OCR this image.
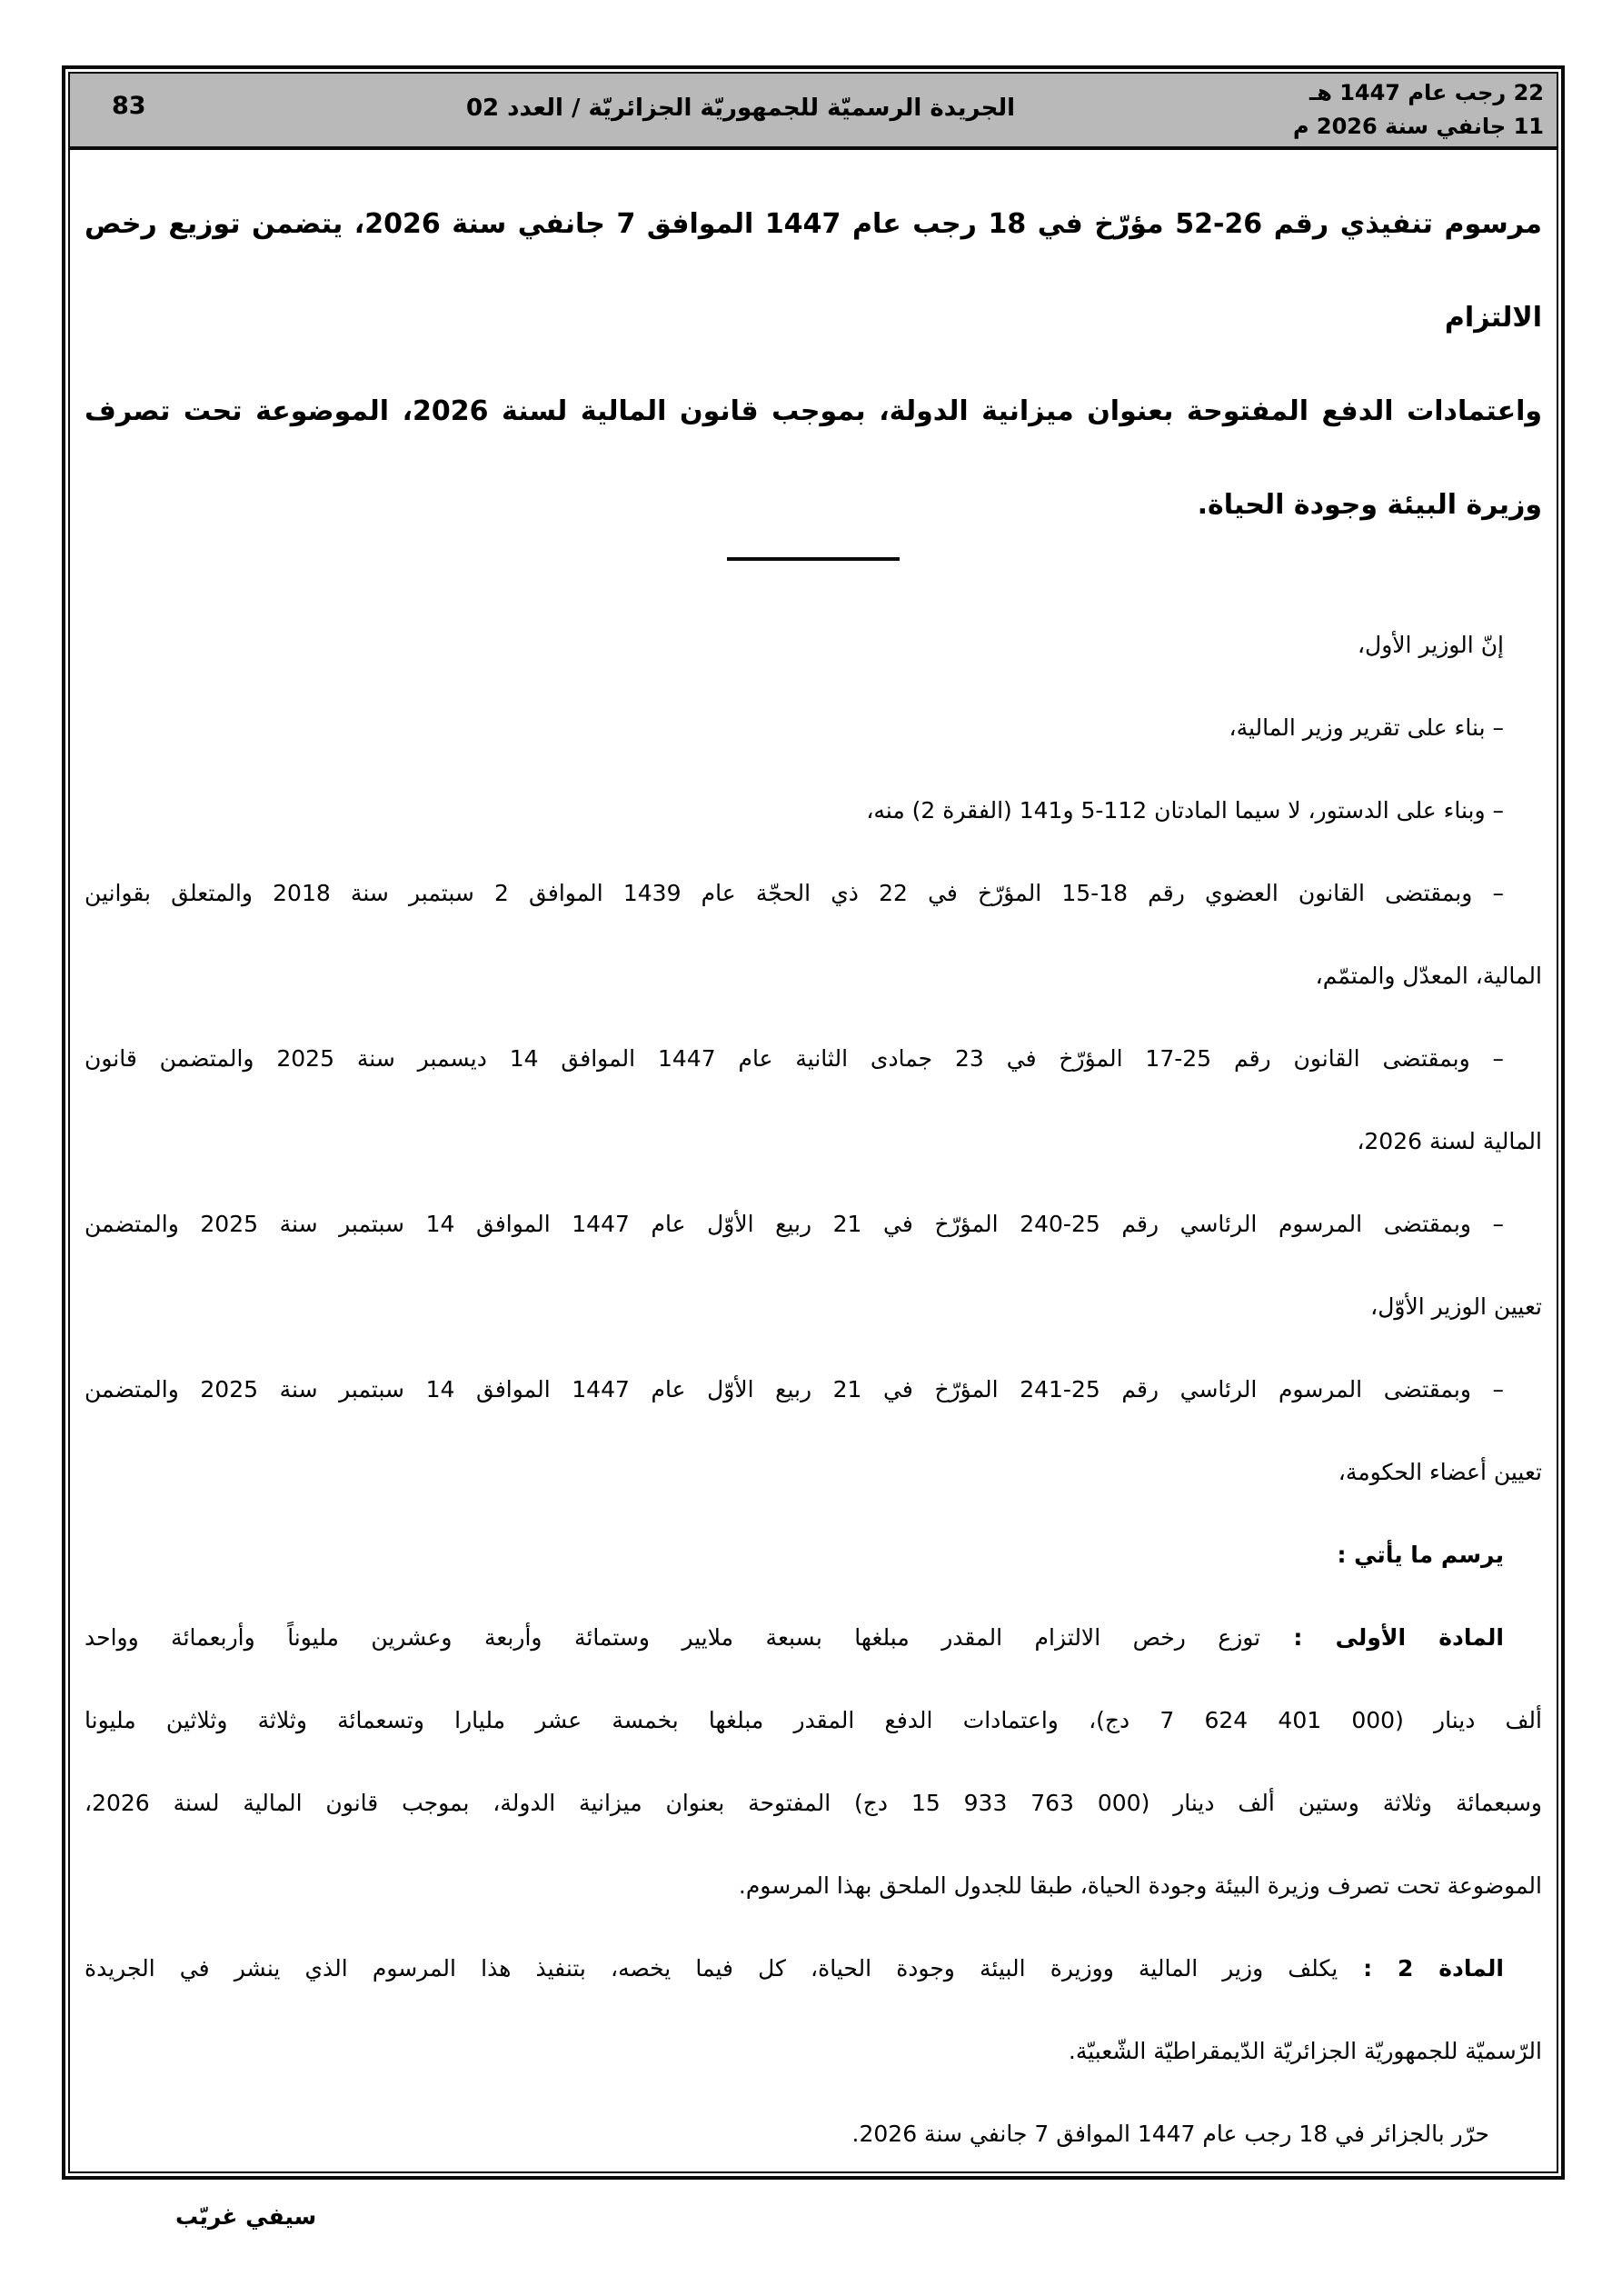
83	الجريدة الرسميّة للجمهوريّة الجزائريّة / العدد 02
22 رجب عام 1447 هـ
11 جانفي سنة 2026 م
مرسوم تنفيذي رقم 26-52 مؤرّخ في 18 رجب عام 1447 الموافق 7 جانفي سنة 2026، يتضمن توزيع رخص الالتزام
واعتمادات الدفع المفتوحة بعنوان ميزانية الدولة، بموجب قانون المالية لسنة 2026، الموضوعة تحت تصرف
وزيرة البيئة وجودة الحياة.
إنّ الوزير الأول،
– بناء على تقرير وزير المالية،
– وبناء على الدستور، لا سيما المادتان 112-5 و141 (الفقرة 2) منه،
– وبمقتضى القانون العضوي رقم 18-15 المؤرّخ في 22 ذي الحجّة عام 1439 الموافق 2 سبتمبر سنة 2018 والمتعلق بقوانين
المالية، المعدّل والمتمّم،
– وبمقتضى القانون رقم 25-17 المؤرّخ في 23 جمادى الثانية عام 1447 الموافق 14 ديسمبر سنة 2025 والمتضمن قانون
المالية لسنة 2026،
– وبمقتضى المرسوم الرئاسي رقم 25-240 المؤرّخ في 21 ربيع الأوّل عام 1447 الموافق 14 سبتمبر سنة 2025 والمتضمن
تعيين الوزير الأوّل،
– وبمقتضى المرسوم الرئاسي رقم 25-241 المؤرّخ في 21 ربيع الأوّل عام 1447 الموافق 14 سبتمبر سنة 2025 والمتضمن
تعيين أعضاء الحكومة،
يرسم ما يأتي :
المادة الأولى : توزع رخص الالتزام المقدر مبلغها بسبعة ملايير وستمائة وأربعة وعشرين مليوناً وأربعمائة وواحد
ألف دينار (7 624 401 000 دج)، واعتمادات الدفع المقدر مبلغها بخمسة عشر مليارا وتسعمائة وثلاثة وثلاثين مليونا
وسبعمائة وثلاثة وستين ألف دينار (15 933 763 000 دج) المفتوحة بعنوان ميزانية الدولة، بموجب قانون المالية لسنة 2026،
الموضوعة تحت تصرف وزيرة البيئة وجودة الحياة، طبقا للجدول الملحق بهذا المرسوم.
المادة 2 : يكلف وزير المالية ووزيرة البيئة وجودة الحياة، كل فيما يخصه، بتنفيذ هذا المرسوم الذي ينشر في الجريدة
الرّسميّة للجمهوريّة الجزائريّة الدّيمقراطيّة الشّعبيّة.
حرّر بالجزائر في 18 رجب عام 1447 الموافق 7 جانفي سنة 2026.
سيفي غريّب
